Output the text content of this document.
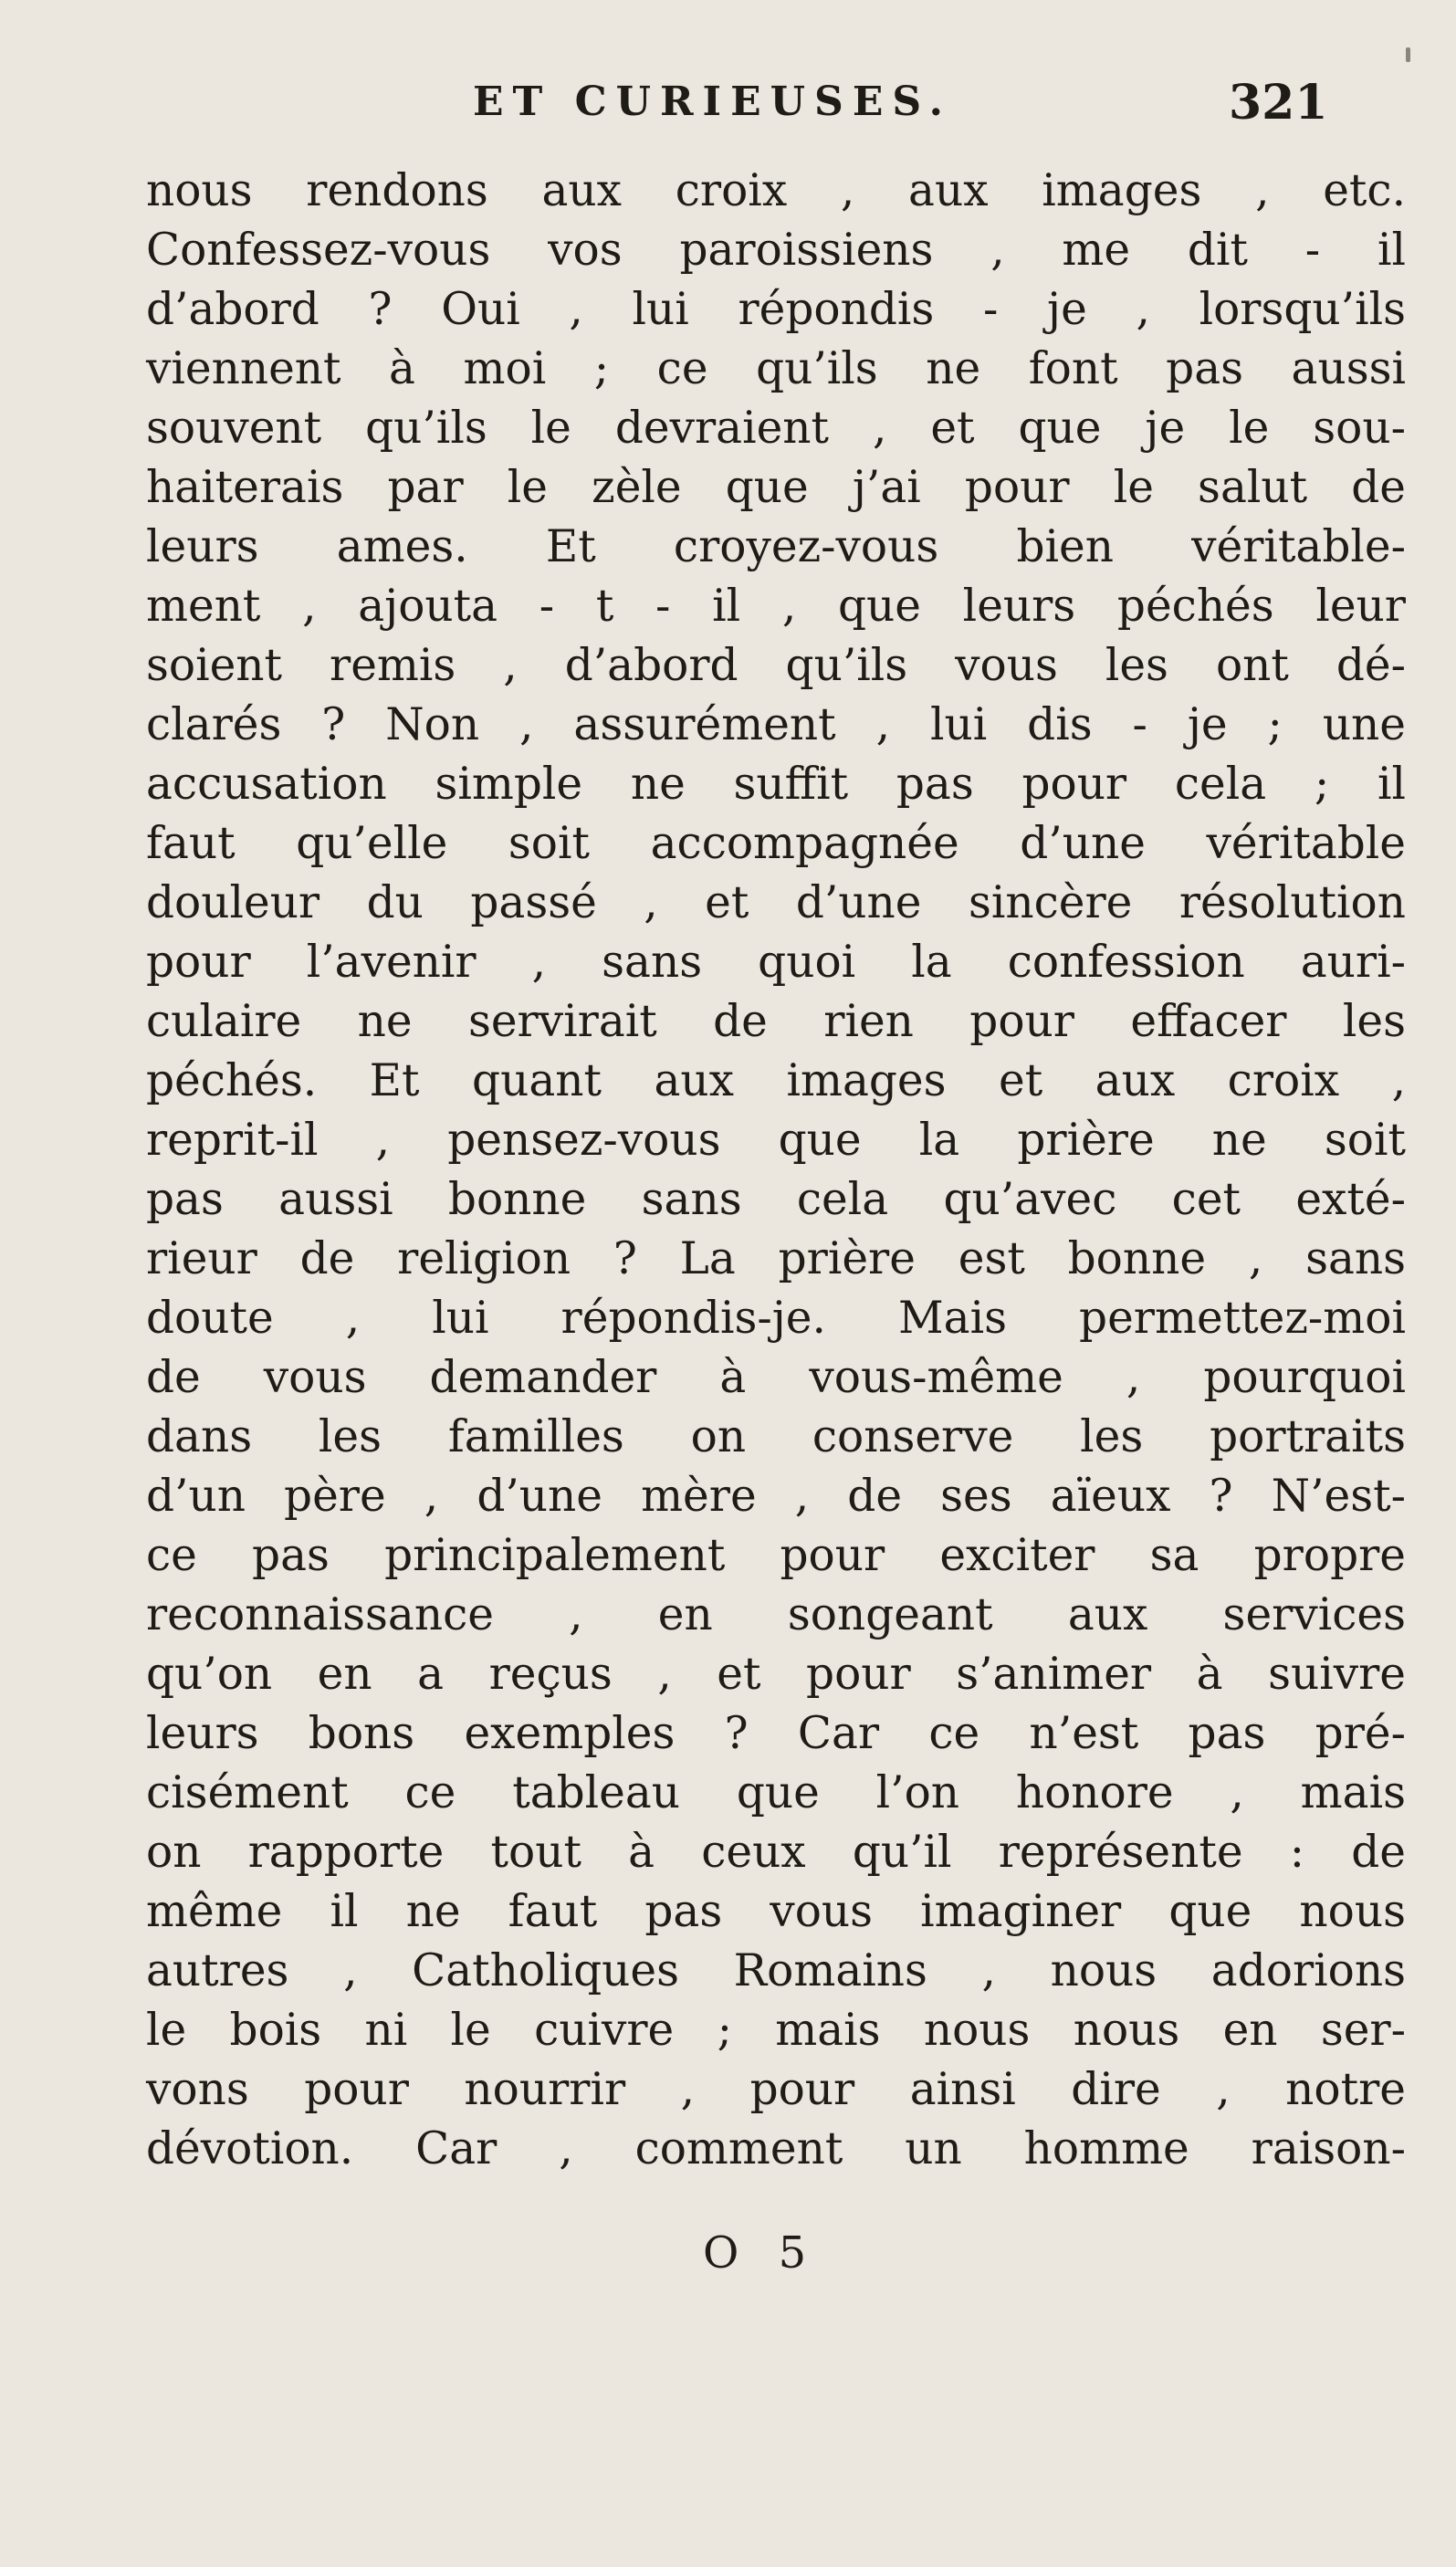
ET CURIEUSES.	321
nous rendons aux croix , aux images , etc.
Confessez-vous vos paroissiens , me dit - il
d’abord ? Oui , lui répondis - je , lorsqu’ils
viennent à moi ; ce qu’ils ne font pas aussi
souvent qu’ils le devraient , et que je le sou-
haiterais par le zèle que j’ai pour le salut de
leurs ames. Et croyez-vous bien véritable-
ment , ajouta - t - il , que leurs péchés leur
soient remis , d’abord qu’ils vous les ont dé-
clarés ? Non , assurément , lui dis - je ; une
accusation simple ne suffit pas pour cela ; il
faut qu’elle soit accompagnée d’une véritable
douleur du passé , et d’une sincère résolution
pour l’avenir , sans quoi la confession auri-
culaire ne servirait de rien pour effacer les
péchés. Et quant aux images et aux croix ,
reprit-il , pensez-vous que la prière ne soit
pas aussi bonne sans cela qu’avec cet exté-
rieur de religion ? La prière est bonne , sans
doute , lui répondis-je. Mais permettez-moi
de vous demander à vous-même , pourquoi
dans les familles on conserve les portraits
d’un père , d’une mère , de ses aïeux ? N’est-
ce pas principalement pour exciter sa propre
reconnaissance , en songeant aux services
qu’on en a reçus , et pour s’animer à suivre
leurs bons exemples ? Car ce n’est pas pré-
cisément ce tableau que l’on honore , mais
on rapporte tout à ceux qu’il représente : de
même il ne faut pas vous imaginer que nous
autres , Catholiques Romains , nous adorions
le bois ni le cuivre ; mais nous nous en ser-
vons pour nourrir , pour ainsi dire , notre
dévotion. Car , comment un homme raison-
O 5
